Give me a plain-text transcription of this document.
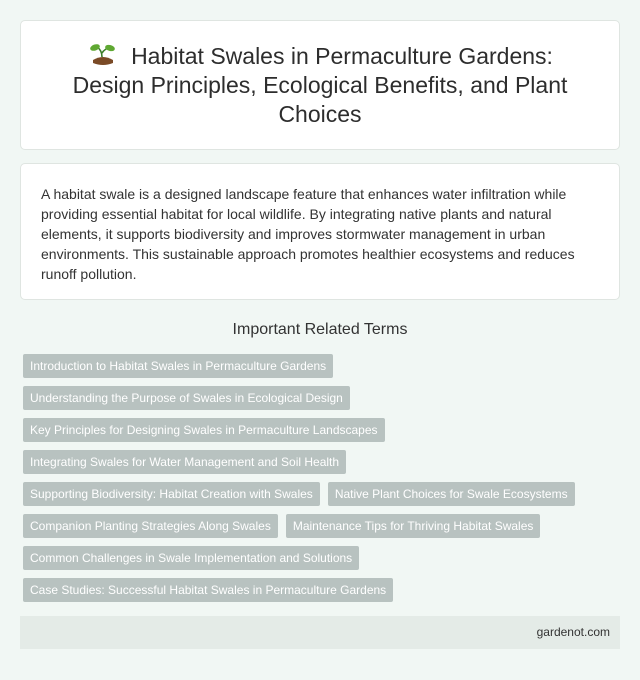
Habitat Swales in Permaculture Gardens: Design Principles, Ecological Benefits, and Plant Choices

A habitat swale is a designed landscape feature that enhances water infiltration while providing essential habitat for local wildlife. By integrating native plants and natural elements, it supports biodiversity and improves stormwater management in urban environments. This sustainable approach promotes healthier ecosystems and reduces runoff pollution.

Important Related Terms
Introduction to Habitat Swales in Permaculture Gardens
Understanding the Purpose of Swales in Ecological Design
Key Principles for Designing Swales in Permaculture Landscapes
Integrating Swales for Water Management and Soil Health
Supporting Biodiversity: Habitat Creation with Swales	Native Plant Choices for Swale Ecosystems
Companion Planting Strategies Along Swales	Maintenance Tips for Thriving Habitat Swales
Common Challenges in Swale Implementation and Solutions
Case Studies: Successful Habitat Swales in Permaculture Gardens
gardenot.com
